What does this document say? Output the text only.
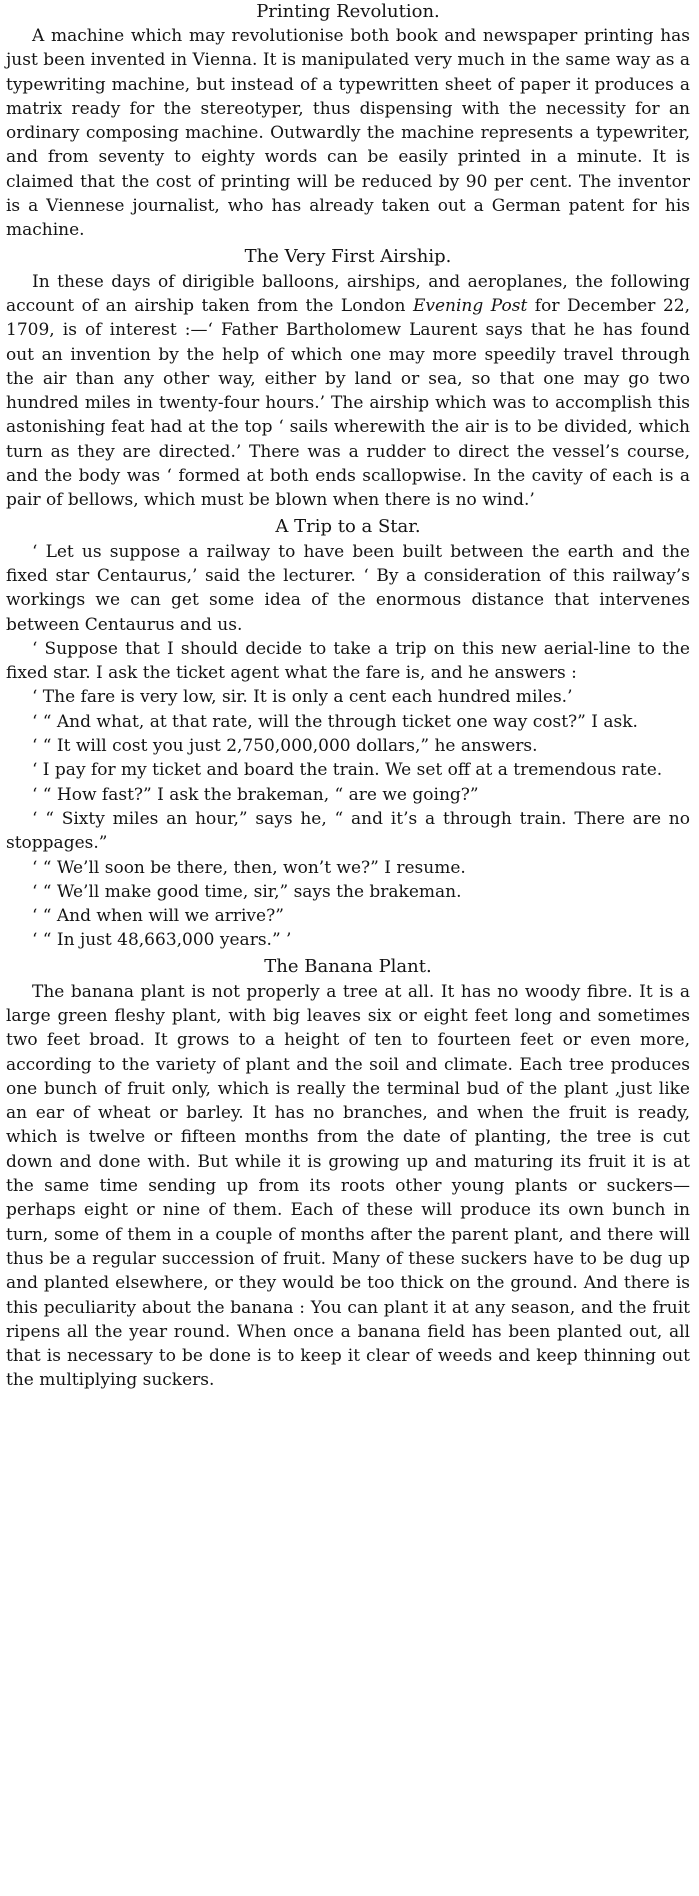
Printing Revolution.

A machine which may revolutionise both book and newspaper printing has just been invented in Vienna. It is manipulated very much in the same way as a typewriting machine, but instead of a typewritten sheet of paper it produces a matrix ready for the stereotyper, thus dispensing with the necessity for an ordinary composing machine. Outwardly the machine represents a typewriter, and from seventy to eighty words can be easily printed in a minute. It is claimed that the cost of printing will be reduced by 90 per cent. The inventor is a Viennese journalist, who has already taken out a German patent for his machine.

The Very First Airship.

In these days of dirigible balloons, airships, and aeroplanes, the following account of an airship taken from the London Evening Post for December 22, 1709, is of interest :—‘ Father Bartholomew Laurent says that he has found out an invention by the help of which one may more speedily travel through the air than any other way, either by land or sea, so that one may go two hundred miles in twenty-four hours.’ The airship which was to accomplish this astonishing feat had at the top ‘ sails wherewith the air is to be divided, which turn as they are directed.’ There was a rudder to direct the vessel’s course, and the body was ‘ formed at both ends scallopwise. In the cavity of each is a pair of bellows, which must be blown when there is no wind.’

A Trip to a Star.

‘ Let us suppose a railway to have been built between the earth and the fixed star Centaurus,’ said the lecturer. ‘ By a consideration of this railway’s workings we can get some idea of the enormous distance that intervenes between Centaurus and us.

‘ Suppose that I should decide to take a trip on this new aerial-line to the fixed star. I ask the ticket agent what the fare is, and he answers :

‘ The fare is very low, sir. It is only a cent each hundred miles.’

‘ “ And what, at that rate, will the through ticket one way cost?” I ask.

‘ “ It will cost you just 2,750,000,000 dollars,” he answers.

‘ I pay for my ticket and board the train. We set off at a tremendous rate.

‘ “ How fast?” I ask the brakeman, “ are we going?”

‘ “ Sixty miles an hour,” says he, “ and it’s a through train. There are no stoppages.”

‘ “ We’ll soon be there, then, won’t we?” I resume.

‘ “ We’ll make good time, sir,” says the brakeman.

‘ “ And when will we arrive?”

‘ “ In just 48,663,000 years.” ’

The Banana Plant.

The banana plant is not properly a tree at all. It has no woody fibre. It is a large green fleshy plant, with big leaves six or eight feet long and sometimes two feet broad. It grows to a height of ten to fourteen feet or even more, according to the variety of plant and the soil and climate. Each tree produces one bunch of fruit only, which is really the terminal bud of the plant ,just like an ear of wheat or barley. It has no branches, and when the fruit is ready, which is twelve or fifteen months from the date of planting, the tree is cut down and done with. But while it is growing up and maturing its fruit it is at the same time sending up from its roots other young plants or suckers—perhaps eight or nine of them. Each of these will produce its own bunch in turn, some of them in a couple of months after the parent plant, and there will thus be a regular succession of fruit. Many of these suckers have to be dug up and planted elsewhere, or they would be too thick on the ground. And there is this peculiarity about the banana : You can plant it at any season, and the fruit ripens all the year round. When once a banana field has been planted out, all that is necessary to be done is to keep it clear of weeds and keep thinning out the multiplying suckers.
